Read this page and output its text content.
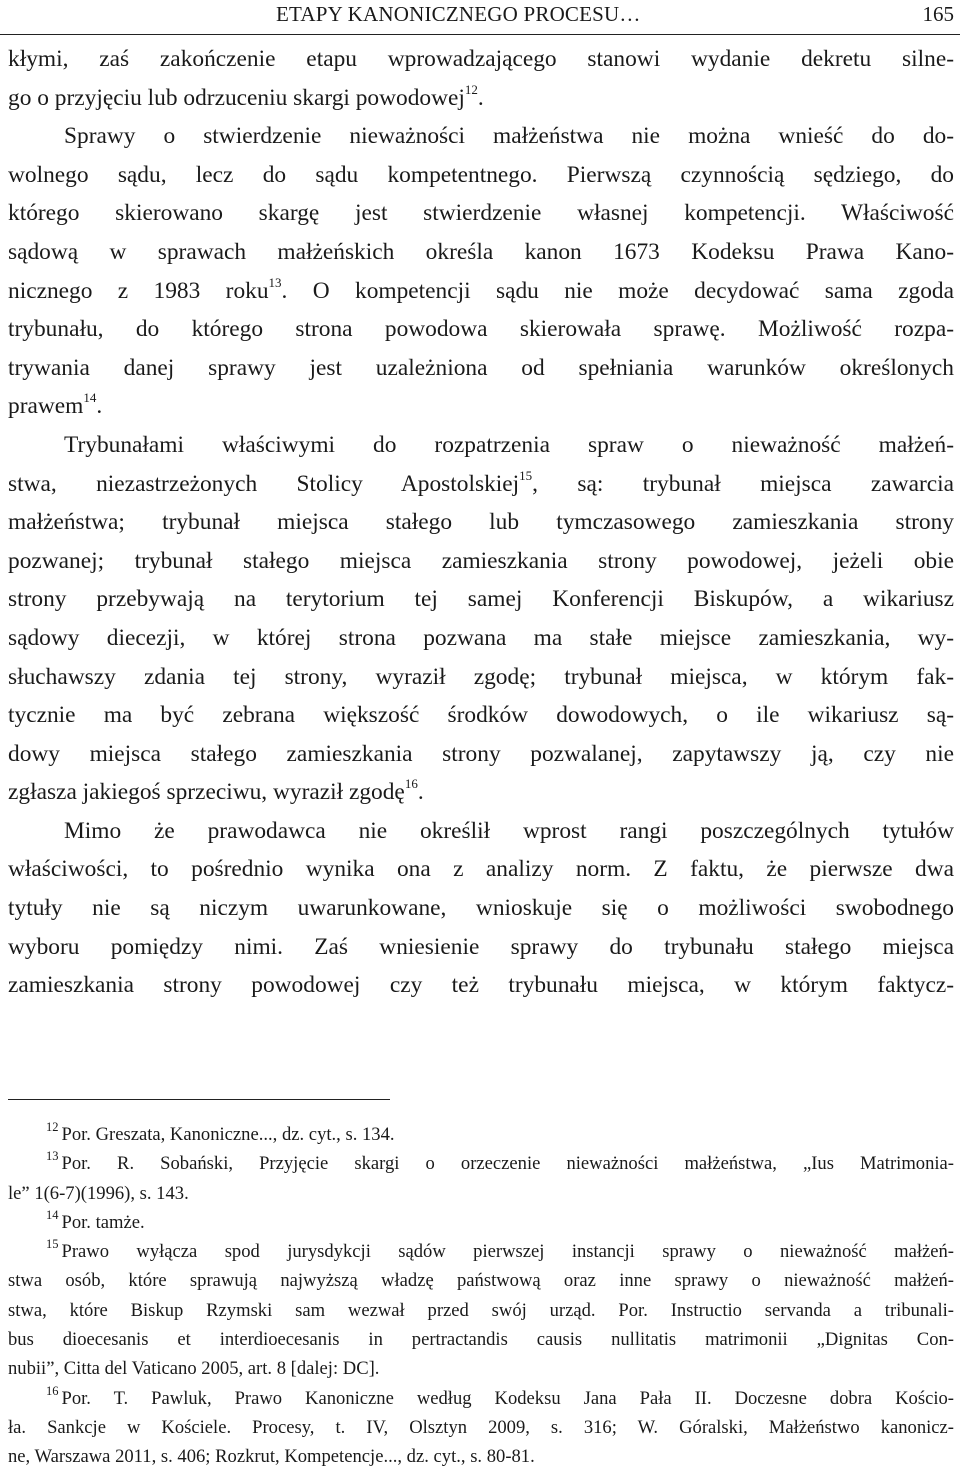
ETAPY KANONICZNEGO PROCESU…	165

kłymi, zaś zakończenie etapu wprowadzającego stanowi wydanie dekretu silne-

go o przyjęciu lub odrzuceniu skargi powodowej$^{12}$.

Sprawy o stwierdzenie nieważności małżeństwa nie można wnieść do do-

wolnego sądu, lecz do sądu kompetentnego. Pierwszą czynnością sędziego, do

którego skierowano skargę jest stwierdzenie własnej kompetencji. Właściwość

sądową w sprawach małżeńskich określa kanon 1673 Kodeksu Prawa Kano-

nicznego z 1983 roku$^{13}$. O kompetencji sądu nie może decydować sama zgoda

trybunału, do którego strona powodowa skierowała sprawę. Możliwość rozpa-

trywania danej sprawy jest uzależniona od spełniania warunków określonych

prawem$^{14}$.

Trybunałami właściwymi do rozpatrzenia spraw o nieważność małżeń-

stwa, niezastrzeżonych Stolicy Apostolskiej$^{15}$, są: trybunał miejsca zawarcia

małżeństwa; trybunał miejsca stałego lub tymczasowego zamieszkania strony

pozwanej; trybunał stałego miejsca zamieszkania strony powodowej, jeżeli obie

strony przebywają na terytorium tej samej Konferencji Biskupów, a wikariusz

sądowy diecezji, w której strona pozwana ma stałe miejsce zamieszkania, wy-

słuchawszy zdania tej strony, wyraził zgodę; trybunał miejsca, w którym fak-

tycznie ma być zebrana większość środków dowodowych, o ile wikariusz są-

dowy miejsca stałego zamieszkania strony pozwalanej, zapytawszy ją, czy nie

zgłasza jakiegoś sprzeciwu, wyraził zgodę$^{16}$.

Mimo że prawodawca nie określił wprost rangi poszczególnych tytułów

właściwości, to pośrednio wynika ona z analizy norm. Z faktu, że pierwsze dwa

tytuły nie są niczym uwarunkowane, wnioskuje się o możliwości swobodnego

wyboru pomiędzy nimi. Zaś wniesienie sprawy do trybunału stałego miejsca

zamieszkania strony powodowej czy też trybunału miejsca, w którym faktycz-

$^{12}$ Por. Greszata, Kanoniczne..., dz. cyt., s. 134.

$^{13}$ Por. R. Sobański, Przyjęcie skargi o orzeczenie nieważności małżeństwa, „Ius Matrimonia-

le” 1(6-7)(1996), s. 143.

$^{14}$ Por. tamże.

$^{15}$ Prawo wyłącza spod jurysdykcji sądów pierwszej instancji sprawy o nieważność małżeń-

stwa osób, które sprawują najwyższą władzę państwową oraz inne sprawy o nieważność małżeń-

stwa, które Biskup Rzymski sam wezwał przed swój urząd. Por. Instructio servanda a tribunali-

bus dioecesanis et interdioecesanis in pertractandis causis nullitatis matrimonii „Dignitas Con-

nubii”, Citta del Vaticano 2005, art. 8 [dalej: DC].

$^{16}$ Por. T. Pawluk, Prawo Kanoniczne według Kodeksu Jana Pała II. Doczesne dobra Kościo-

ła. Sankcje w Kościele. Procesy, t. IV, Olsztyn 2009, s. 316; W. Góralski, Małżeństwo kanonicz-

ne, Warszawa 2011, s. 406; Rozkrut, Kompetencje..., dz. cyt., s. 80-81.
